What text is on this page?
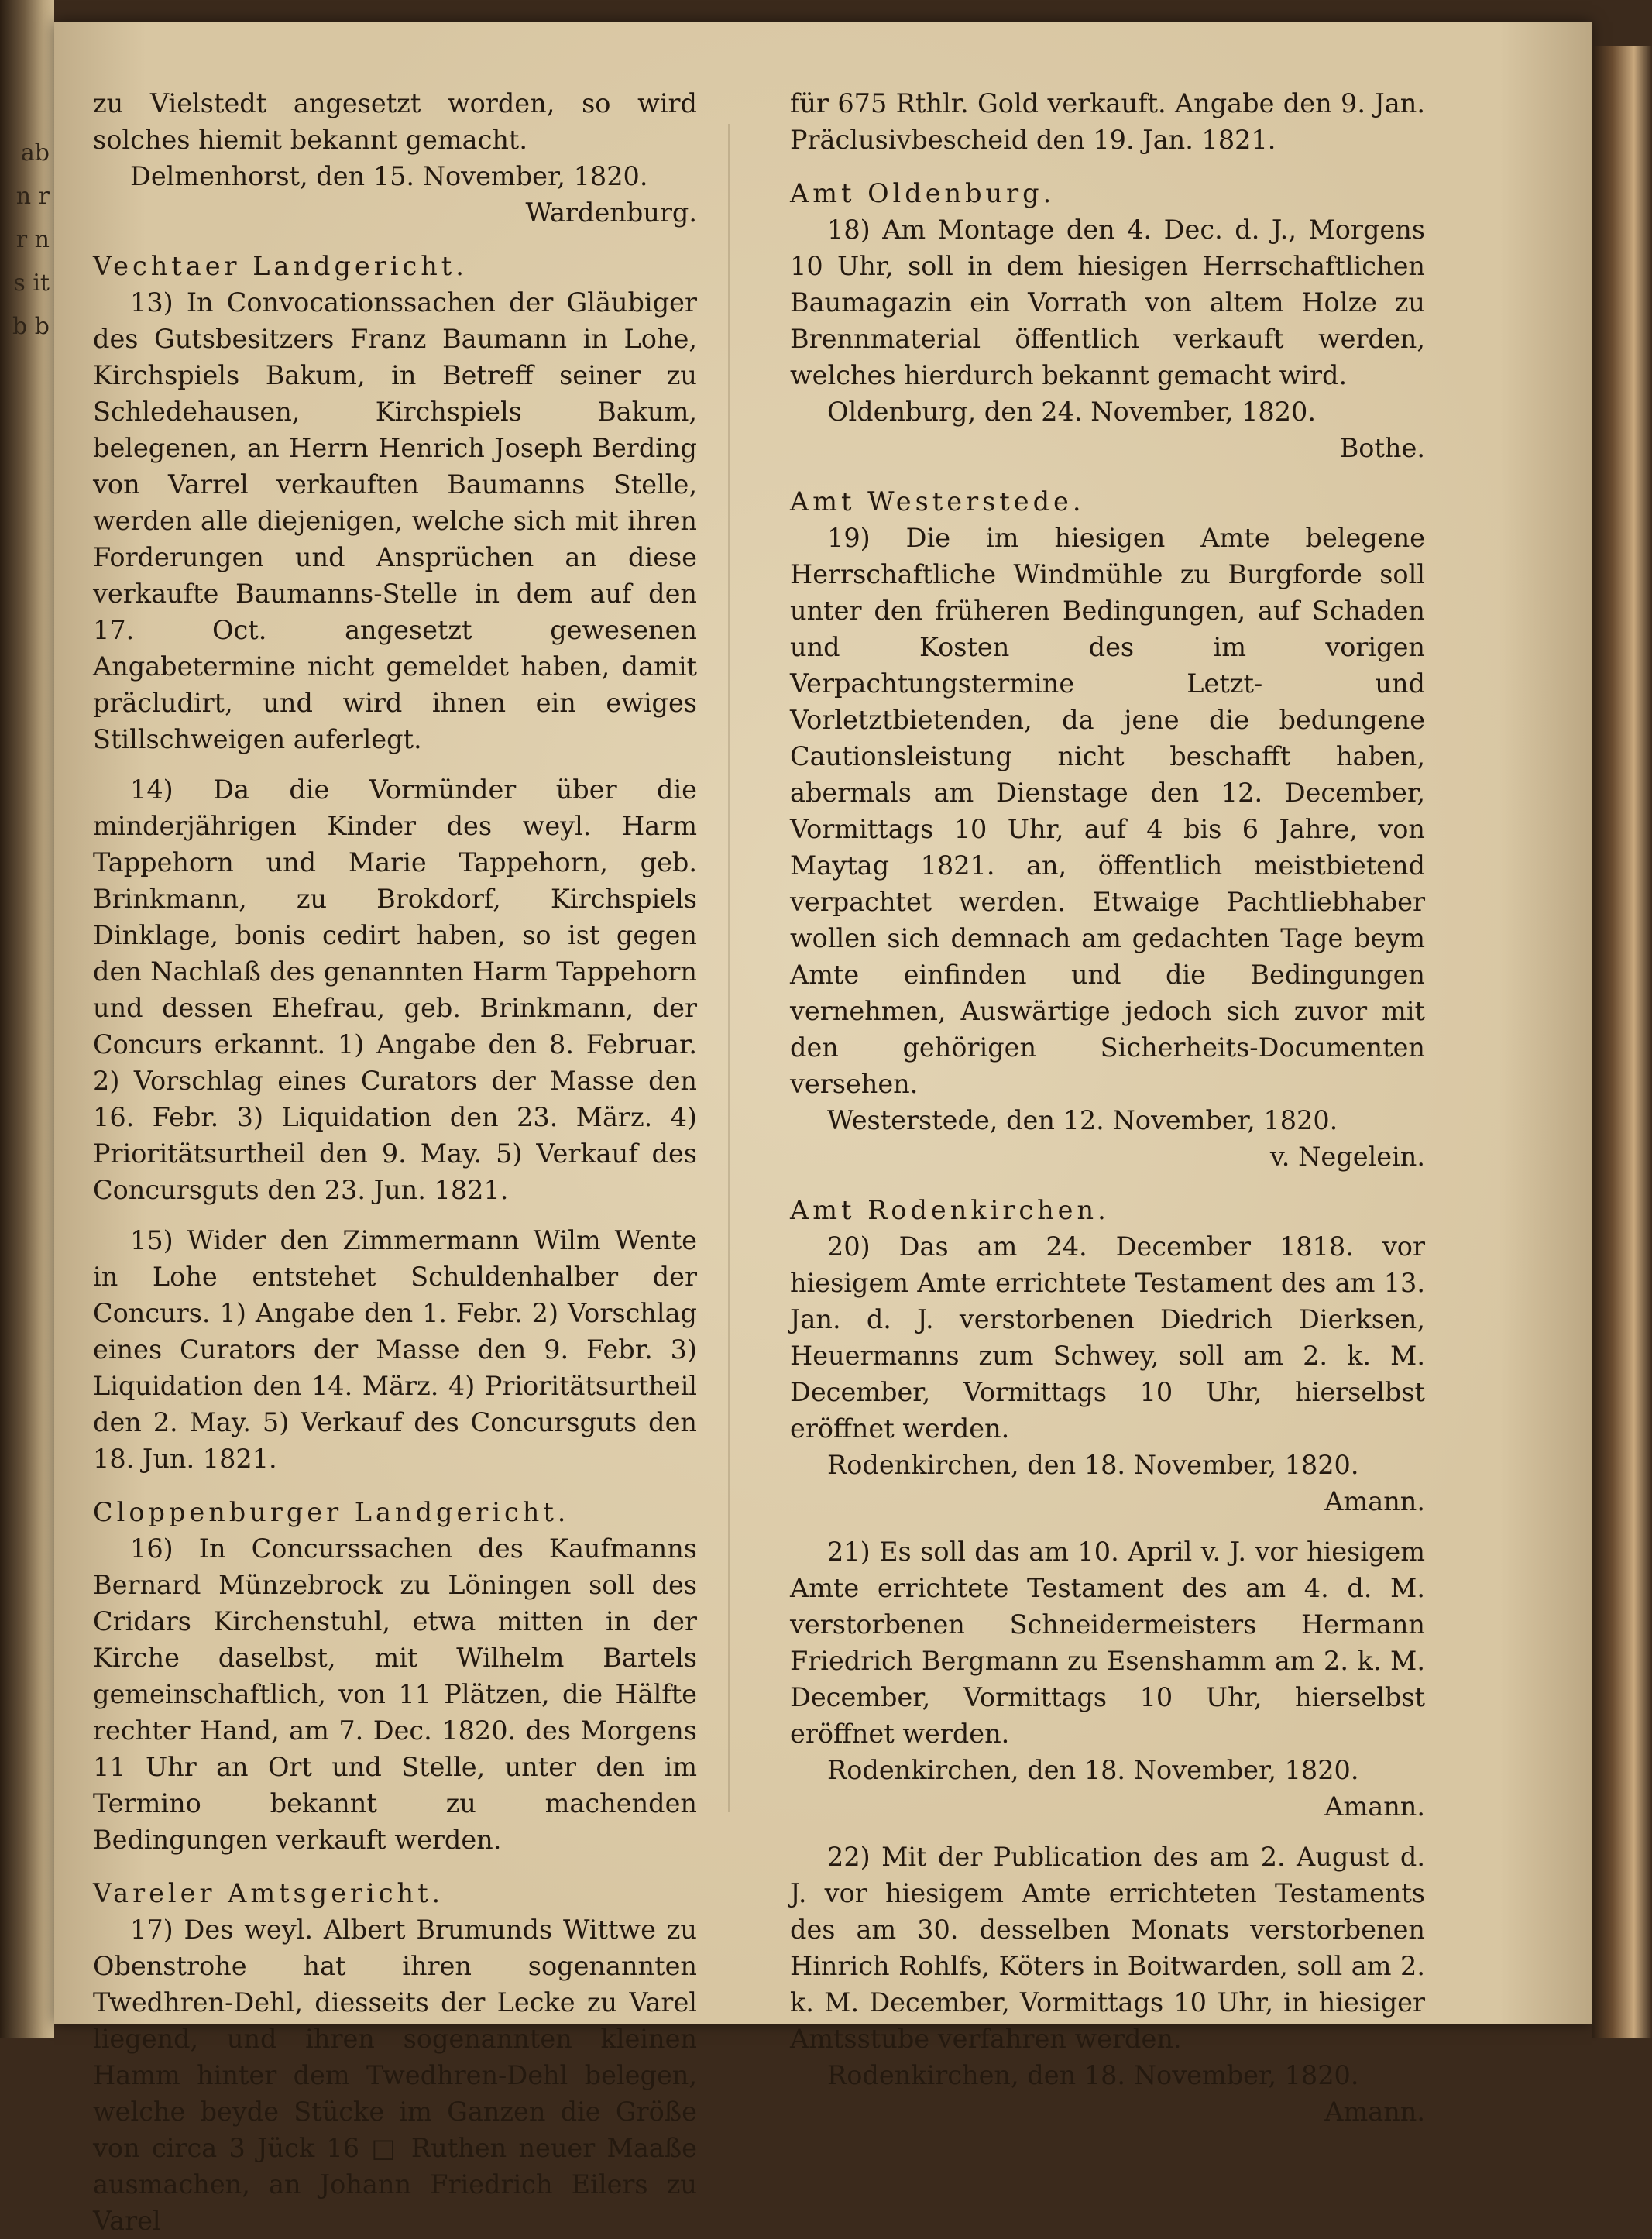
ab n r r n s it b b

zu Vielstedt angesetzt worden, so wird solches hiemit bekannt gemacht.

Delmenhorst, den 15. November, 1820.

Wardenburg.

Vechtaer Landgericht.

13) In Convocationssachen der Gläubiger des Gutsbesitzers Franz Baumann in Lohe, Kirchspiels Bakum, in Betreff seiner zu Schledehausen, Kirchspiels Bakum, belegenen, an Herrn Henrich Joseph Berding von Varrel verkauften Baumanns Stelle, werden alle diejenigen, welche sich mit ihren Forderungen und Ansprüchen an diese verkaufte Baumanns-Stelle in dem auf den 17. Oct. angesetzt gewesenen Angabetermine nicht gemeldet haben, damit präcludirt, und wird ihnen ein ewiges Stillschweigen auferlegt.

14) Da die Vormünder über die minderjährigen Kinder des weyl. Harm Tappehorn und Marie Tappehorn, geb. Brinkmann, zu Brokdorf, Kirchspiels Dinklage, bonis cedirt haben, so ist gegen den Nachlaß des genannten Harm Tappehorn und dessen Ehefrau, geb. Brinkmann, der Concurs erkannt. 1) Angabe den 8. Februar. 2) Vorschlag eines Curators der Masse den 16. Febr. 3) Liquidation den 23. März. 4) Prioritätsurtheil den 9. May. 5) Verkauf des Concursguts den 23. Jun. 1821.

15) Wider den Zimmermann Wilm Wente in Lohe entstehet Schuldenhalber der Concurs. 1) Angabe den 1. Febr. 2) Vorschlag eines Curators der Masse den 9. Febr. 3) Liquidation den 14. März. 4) Prioritätsurtheil den 2. May. 5) Verkauf des Concursguts den 18. Jun. 1821.

Cloppenburger Landgericht.

16) In Concurssachen des Kaufmanns Bernard Münzebrock zu Löningen soll des Cridars Kirchenstuhl, etwa mitten in der Kirche daselbst, mit Wilhelm Bartels gemeinschaftlich, von 11 Plätzen, die Hälfte rechter Hand, am 7. Dec. 1820. des Morgens 11 Uhr an Ort und Stelle, unter den im Termino bekannt zu machenden Bedingungen verkauft werden.

Vareler Amtsgericht.

17) Des weyl. Albert Brumunds Wittwe zu Obenstrohe hat ihren sogenannten Twedhren-Dehl, diesseits der Lecke zu Varel liegend, und ihren sogenannten kleinen Hamm hinter dem Twedhren-Dehl belegen, welche beyde Stücke im Ganzen die Größe von circa 3 Jück 16 □ Ruthen neuer Maaße ausmachen, an Johann Friedrich Eilers zu Varel

für 675 Rthlr. Gold verkauft. Angabe den 9. Jan. Präclusivbescheid den 19. Jan. 1821.

Amt Oldenburg.

18) Am Montage den 4. Dec. d. J., Morgens 10 Uhr, soll in dem hiesigen Herrschaftlichen Baumagazin ein Vorrath von altem Holze zu Brennmaterial öffentlich verkauft werden, welches hierdurch bekannt gemacht wird.

Oldenburg, den 24. November, 1820.

Bothe.

Amt Westerstede.

19) Die im hiesigen Amte belegene Herrschaftliche Windmühle zu Burgforde soll unter den früheren Bedingungen, auf Schaden und Kosten des im vorigen Verpachtungstermine Letzt- und Vorletztbietenden, da jene die bedungene Cautionsleistung nicht beschafft haben, abermals am Dienstage den 12. December, Vormittags 10 Uhr, auf 4 bis 6 Jahre, von Maytag 1821. an, öffentlich meistbietend verpachtet werden. Etwaige Pachtliebhaber wollen sich demnach am gedachten Tage beym Amte einfinden und die Bedingungen vernehmen, Auswärtige jedoch sich zuvor mit den gehörigen Sicherheits-Documenten versehen.

Westerstede, den 12. November, 1820.

v. Negelein.

Amt Rodenkirchen.

20) Das am 24. December 1818. vor hiesigem Amte errichtete Testament des am 13. Jan. d. J. verstorbenen Diedrich Dierksen, Heuermanns zum Schwey, soll am 2. k. M. December, Vormittags 10 Uhr, hierselbst eröffnet werden.

Rodenkirchen, den 18. November, 1820.

Amann.

21) Es soll das am 10. April v. J. vor hiesigem Amte errichtete Testament des am 4. d. M. verstorbenen Schneidermeisters Hermann Friedrich Bergmann zu Esenshamm am 2. k. M. December, Vormittags 10 Uhr, hierselbst eröffnet werden.

Rodenkirchen, den 18. November, 1820.

Amann.

22) Mit der Publication des am 2. August d. J. vor hiesigem Amte errichteten Testaments des am 30. desselben Monats verstorbenen Hinrich Rohlfs, Köters in Boitwarden, soll am 2. k. M. December, Vormittags 10 Uhr, in hiesiger Amtsstube verfahren werden.

Rodenkirchen, den 18. November, 1820.

Amann.
